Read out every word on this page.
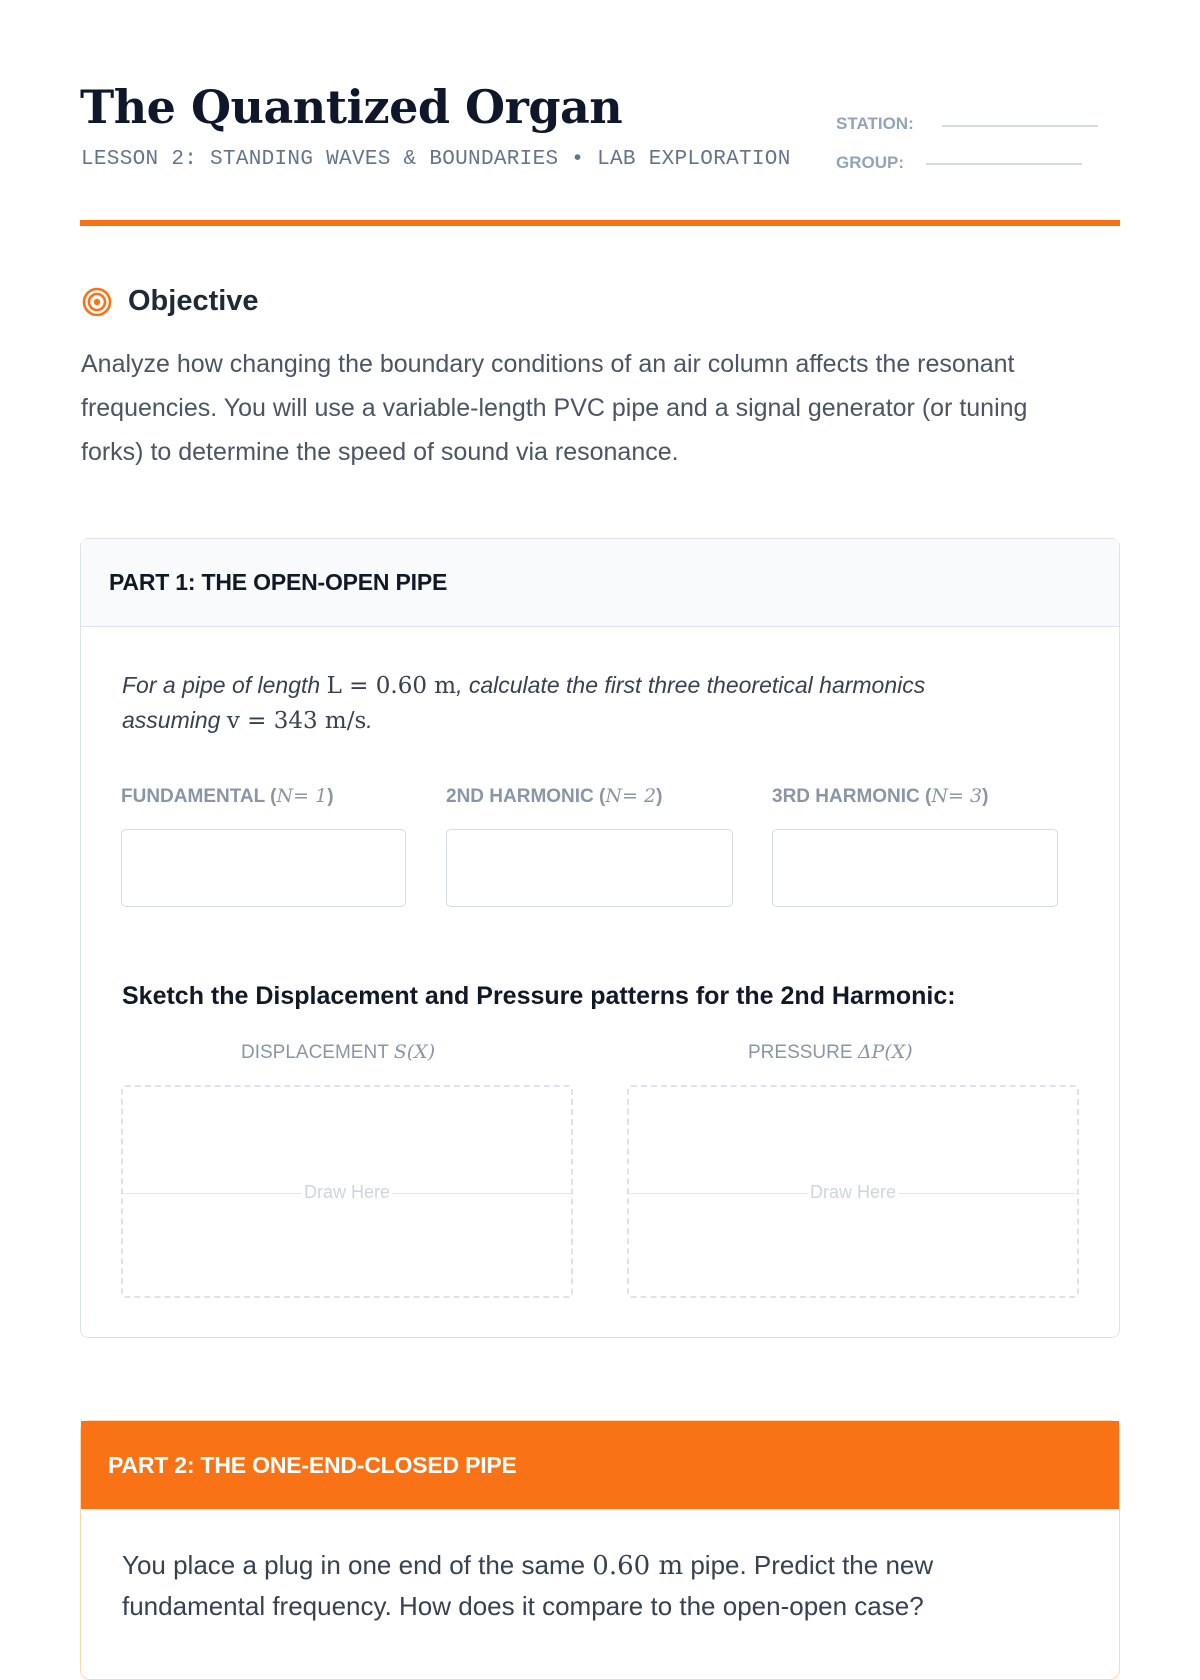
The Quantized Organ
LESSON 2: STANDING WAVES & BOUNDARIES • LAB EXPLORATION
STATION:
GROUP:
Objective

Analyze how changing the boundary conditions of an air column affects the resonant frequencies. You will use a variable-length PVC pipe and a signal generator (or tuning forks) to determine the speed of sound via resonance.

PART 1: THE OPEN-OPEN PIPE
For a pipe of length L = 0.60 m, calculate the first three theoretical harmonics assuming v = 343 m/s.
FUNDAMENTAL (N= 1)	2ND HARMONIC (N= 2)	3RD HARMONIC (N= 3)
Sketch the Displacement and Pressure patterns for the 2nd Harmonic:
DISPLACEMENT S(X)	PRESSURE ΔP(X)
Draw Here	Draw Here
PART 2: THE ONE-END-CLOSED PIPE
You place a plug in one end of the same 0.60 m pipe. Predict the new fundamental frequency. How does it compare to the open-open case?
